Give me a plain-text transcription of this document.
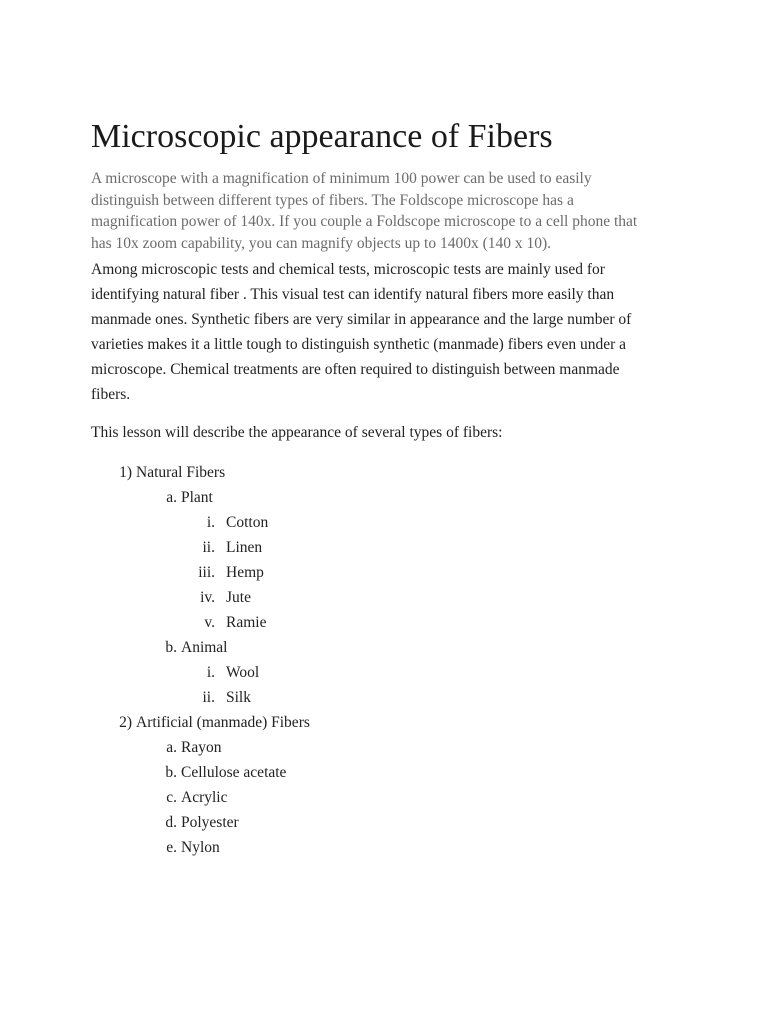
Microscopic appearance of Fibers

A microscope with a magnification of minimum 100 power can be used to easily
distinguish between different types of fibers. The Foldscope microscope has a
magnification power of 140x. If you couple a Foldscope microscope to a cell phone that
has 10x zoom capability, you can magnify objects up to 1400x (140 x 10).

Among microscopic tests and chemical tests, microscopic tests are mainly used for
identifying natural fiber . This visual test can identify natural fibers more easily than
manmade ones. Synthetic fibers are very similar in appearance and the large number of
varieties makes it a little tough to distinguish synthetic (manmade) fibers even under a
microscope. Chemical treatments are often required to distinguish between manmade
fibers.

This lesson will describe the appearance of several types of fibers:

1) Natural Fibers
a. Plant
i. Cotton
ii. Linen
iii. Hemp
iv. Jute
v. Ramie
b. Animal
i. Wool
ii. Silk
2) Artificial (manmade) Fibers
a. Rayon
b. Cellulose acetate
c. Acrylic
d. Polyester
e. Nylon
